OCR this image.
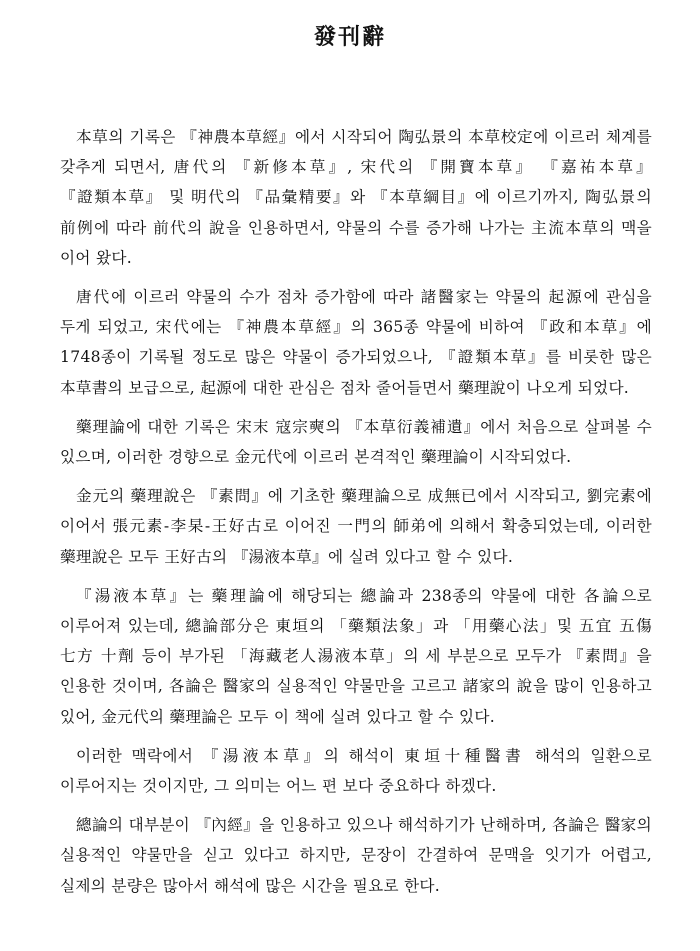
發刊辭

本草의 기록은 『神農本草經』에서 시작되어 陶弘景의 本草校定에 이르러 체계를 갖추게 되면서, 唐代의 『新修本草』, 宋代의 『開寶本草』 『嘉祐本草』 『證類本草』 및 明代의 『品彙精要』와 『本草綱目』에 이르기까지, 陶弘景의 前例에 따라 前代의 說을 인용하면서, 약물의 수를 증가해 나가는 主流本草의 맥을 이어 왔다.

唐代에 이르러 약물의 수가 점차 증가함에 따라 諸醫家는 약물의 起源에 관심을 두게 되었고, 宋代에는 『神農本草經』의 365종 약물에 비하여 『政和本草』에 1748종이 기록될 정도로 많은 약물이 증가되었으나, 『證類本草』를 비롯한 많은 本草書의 보급으로, 起源에 대한 관심은 점차 줄어들면서 藥理說이 나오게 되었다.

藥理論에 대한 기록은 宋末 寇宗奭의 『本草衍義補遺』에서 처음으로 살펴볼 수 있으며, 이러한 경향으로 金元代에 이르러 본격적인 藥理論이 시작되었다.

金元의 藥理說은 『素問』에 기초한 藥理論으로 成無已에서 시작되고, 劉完素에 이어서 張元素-李杲-王好古로 이어진 一門의 師弟에 의해서 확충되었는데, 이러한 藥理說은 모두 王好古의 『湯液本草』에 실려 있다고 할 수 있다.

『湯液本草』는 藥理論에 해당되는 總論과 238종의 약물에 대한 各論으로 이루어져 있는데, 總論部分은 東垣의 「藥類法象」과 「用藥心法」및 五宜 五傷 七方 十劑 등이 부가된 「海藏老人湯液本草」의 세 부분으로 모두가 『素問』을 인용한 것이며, 各論은 醫家의 실용적인 약물만을 고르고 諸家의 說을 많이 인용하고 있어, 金元代의 藥理論은 모두 이 책에 실려 있다고 할 수 있다.

이러한 맥락에서 『湯液本草』의 해석이 東垣十種醫書 해석의 일환으로 이루어지는 것이지만, 그 의미는 어느 편 보다 중요하다 하겠다.

總論의 대부분이 『內經』을 인용하고 있으나 해석하기가 난해하며, 各論은 醫家의 실용적인 약물만을 싣고 있다고 하지만, 문장이 간결하여 문맥을 잇기가 어렵고, 실제의 분량은 많아서 해석에 많은 시간을 필요로 한다.
